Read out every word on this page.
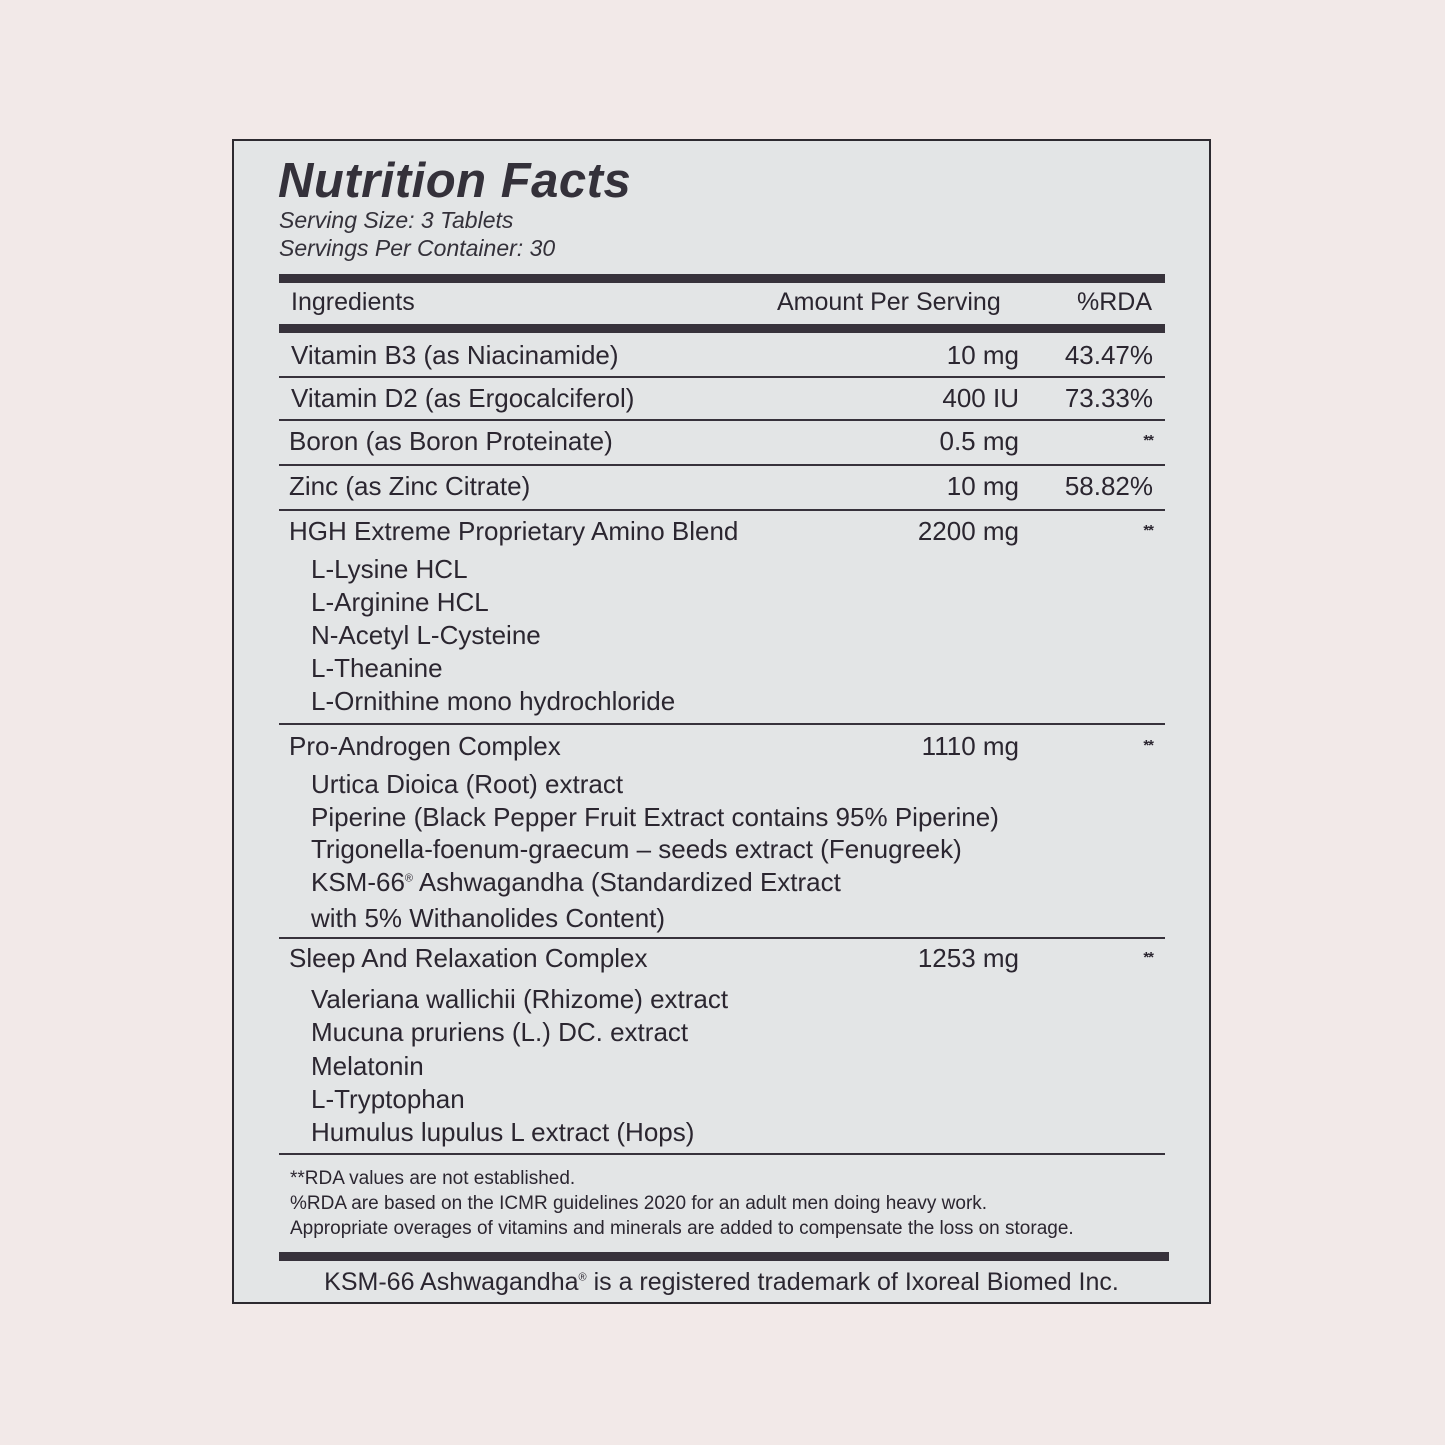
Nutrition Facts
Serving Size: 3 Tablets
Servings Per Container: 30
Ingredients	Amount Per Serving	%RDA
Vitamin B3 (as Niacinamide)	10 mg 43.47%
Vitamin D2 (as Ergocalciferol)	400 IU 73.33%
Boron (as Boron Proteinate)	0.5 mg	**
Zinc (as Zinc Citrate)	10 mg 58.82%
HGH Extreme Proprietary Amino Blend	2200 mg	**
L-Lysine HCL
L-Arginine HCL
N-Acetyl L-Cysteine
L-Theanine
L-Ornithine mono hydrochloride
Pro-Androgen Complex	1110 mg	**
Urtica Dioica (Root) extract
Piperine (Black Pepper Fruit Extract contains 95% Piperine)
Trigonella-foenum-graecum – seeds extract (Fenugreek)
KSM-66® Ashwagandha (Standardized Extract
with 5% Withanolides Content)
Sleep And Relaxation Complex	1253 mg	**
Valeriana wallichii (Rhizome) extract
Mucuna pruriens (L.) DC. extract
Melatonin
L-Tryptophan
Humulus lupulus L extract (Hops)
**RDA values are not established.
%RDA are based on the ICMR guidelines 2020 for an adult men doing heavy work.
Appropriate overages of vitamins and minerals are added to compensate the loss on storage.
KSM-66 Ashwagandha® is a registered trademark of Ixoreal Biomed Inc.
